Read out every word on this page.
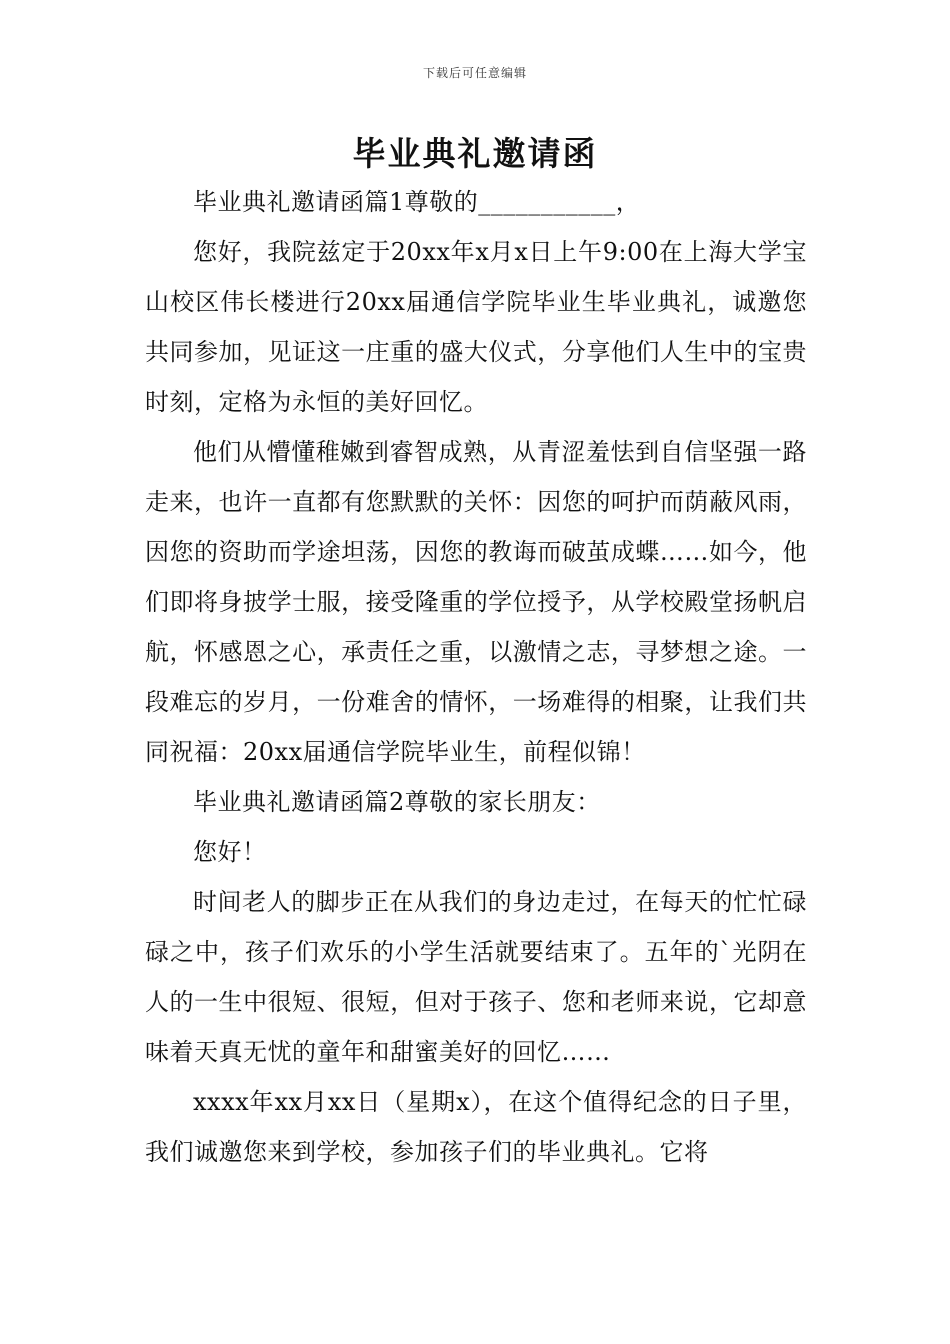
下载后可任意编辑
毕业典礼邀请函

毕业典礼邀请函篇1尊敬的___________，

您好，我院兹定于20xx年x月x日上午9:00在上海大学宝山校区伟长楼进行20xx届通信学院毕业生毕业典礼，诚邀您共同参加，见证这一庄重的盛大仪式，分享他们人生中的宝贵时刻，定格为永恒的美好回忆。

他们从懵懂稚嫩到睿智成熟，从青涩羞怯到自信坚强一路走来，也许一直都有您默默的关怀：因您的呵护而荫蔽风雨，因您的资助而学途坦荡，因您的教诲而破茧成蝶……如今，他们即将身披学士服，接受隆重的学位授予，从学校殿堂扬帆启航，怀感恩之心，承责任之重，以激情之志，寻梦想之途。一段难忘的岁月，一份难舍的情怀，一场难得的相聚，让我们共同祝福：20xx届通信学院毕业生，前程似锦！

毕业典礼邀请函篇2尊敬的家长朋友：

您好！

时间老人的脚步正在从我们的身边走过，在每天的忙忙碌碌之中，孩子们欢乐的小学生活就要结束了。五年的`光阴在人的一生中很短、很短，但对于孩子、您和老师来说，它却意味着天真无忧的童年和甜蜜美好的回忆……

xxxx年xx月xx日（星期x），在这个值得纪念的日子里，我们诚邀您来到学校，参加孩子们的毕业典礼。它将
